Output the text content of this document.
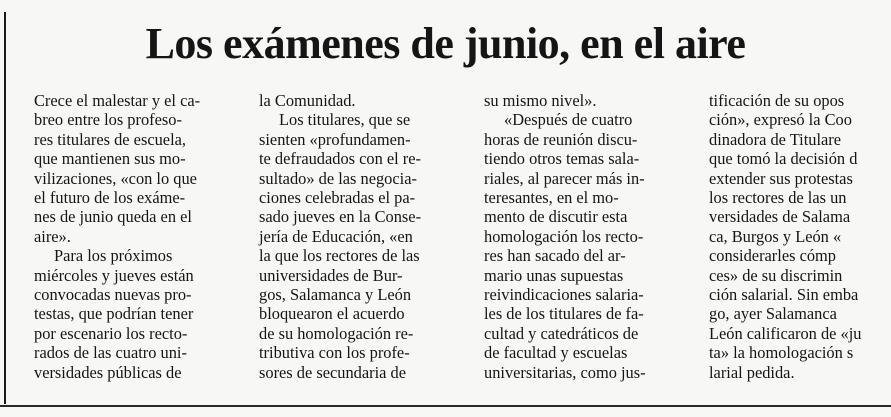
Los exámenes de junio, en el aire
Crece el malestar y el ca-
breo entre los profeso-
res titulares de escuela,
que mantienen sus mo-
vilizaciones, «con lo que
el futuro de los exáme-
nes de junio queda en el
aire».
Para los próximos
miércoles y jueves están
convocadas nuevas pro-
testas, que podrían tener
por escenario los recto-
rados de las cuatro uni-
versidades públicas de
la Comunidad.
Los titulares, que se
sienten «profundamen-
te defraudados con el re-
sultado» de las negocia-
ciones celebradas el pa-
sado jueves en la Conse-
jería de Educación, «en
la que los rectores de las
universidades de Bur-
gos, Salamanca y León
bloquearon el acuerdo
de su homologación re-
tributiva con los profe-
sores de secundaria de
su mismo nivel».
«Después de cuatro
horas de reunión discu-
tiendo otros temas sala-
riales, al parecer más in-
teresantes, en el mo-
mento de discutir esta
homologación los recto-
res han sacado del ar-
mario unas supuestas
reivindicaciones salaria-
les de los titulares de fa-
cultad y catedráticos de
de facultad y escuelas
universitarias, como jus-
tificación de su opos
ción», expresó la Coo
dinadora de Titulare
que tomó la decisión d
extender sus protestas
los rectores de las un
versidades de Salama
ca, Burgos y León «
considerarles cómp
ces» de su discrimin
ción salarial. Sin emba
go, ayer Salamanca
León calificaron de «ju
ta» la homologación s
larial pedida.
